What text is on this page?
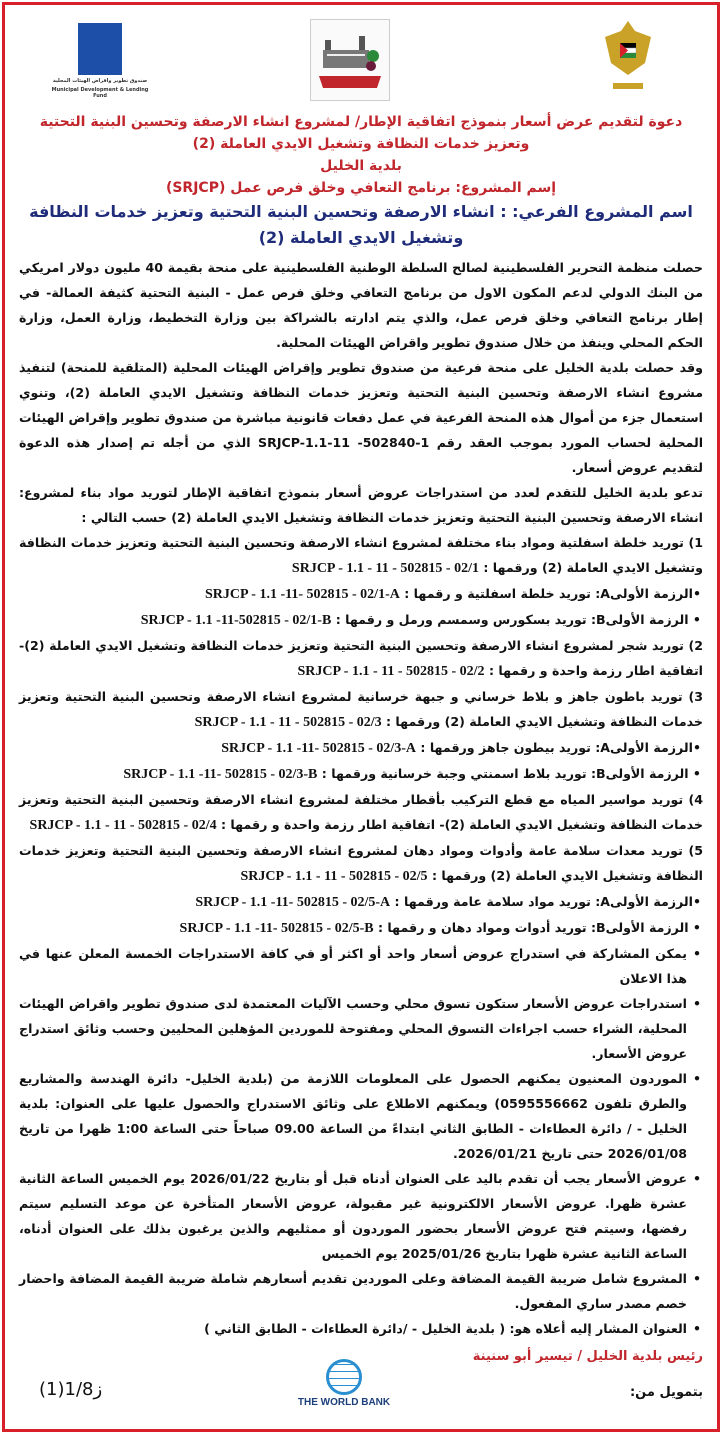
صندوق تطوير واقراض الهيئات المحلية
Municipal Development & Lending Fund
دعوة لتقديم عرض أسعار بنموذج اتفاقية الإطار/ لمشروع انشاء الارصفة وتحسين البنية التحتية
وتعزيز خدمات النظافة وتشغيل الايدي العاملة (2)
بلدية الخليل
إسم المشروع: برنامج التعافي وخلق فرص عمل (SRJCP)
اسم المشروع الفرعي: : انشاء الارصفة وتحسين البنية التحتية وتعزيز خدمات النظافة
وتشغيل الايدي العاملة (2)

حصلت منظمة التحرير الفلسطينية لصالح السلطة الوطنية الفلسطينية على منحة بقيمة 40 مليون دولار امريكي من البنك الدولي لدعم المكون الاول من برنامج التعافي وخلق فرص عمل - البنية التحتية كثيفة العمالة- في إطار برنامج التعافي وخلق فرص عمل، والذي يتم ادارته بالشراكة بين وزارة التخطيط، وزارة العمل، وزارة الحكم المحلي وينفذ من خلال صندوق تطوير واقراض الهيئات المحلية.

وقد حصلت بلدية الخليل على منحة فرعية من صندوق تطوير وإقراض الهيئات المحلية (المتلقية للمنحة) لتنفيذ مشروع انشاء الارصفة وتحسين البنية التحتية وتعزيز خدمات النظافة وتشغيل الايدي العاملة (2)، وتنوي استعمال جزء من أموال هذه المنحة الفرعية في عمل دفعات قانونية مباشرة من صندوق تطوير وإقراض الهيئات المحلية لحساب المورد بموجب العقد رقم SRJCP-1.1-11 -502840-1 الذي من أجله تم إصدار هذه الدعوة لتقديم عروض أسعار.

تدعو بلدية الخليل للتقدم لعدد من استدراجات عروض أسعار بنموذج اتفاقية الإطار لتوريد مواد بناء لمشروع: انشاء الارصفة وتحسين البنية التحتية وتعزيز خدمات النظافة وتشغيل الايدي العاملة (2) حسب التالي :

1) توريد خلطة اسفلتية ومواد بناء مختلفة لمشروع انشاء الارصفة وتحسين البنية التحتية وتعزيز خدمات النظافة وتشغيل الايدي العاملة (2) ورقمها : SRJCP - 1.1 - 11 - 502815 - 02/1
•الرزمة الأولىA: توريد خلطة اسفلتية و رقمها : SRJCP - 1.1 -11- 502815 - 02/1-A
• الرزمة الأولىB: توريد بسكورس وسمسم ورمل و رقمها : SRJCP - 1.1 -11-502815 - 02/1-B
2) توريد شجر لمشروع انشاء الارصفة وتحسين البنية التحتية وتعزيز خدمات النظافة وتشغيل الايدي العاملة (2)- اتفاقية اطار رزمة واحدة و رقمها : SRJCP - 1.1 - 11 - 502815 - 02/2
3) توريد باطون جاهز و بلاط خرساني و جبهة خرسانية لمشروع انشاء الارصفة وتحسين البنية التحتية وتعزيز خدمات النظافة وتشغيل الايدي العاملة (2) ورقمها : SRJCP - 1.1 - 11 - 502815 - 02/3
•الرزمة الأولىA: توريد بيطون جاهز ورقمها : SRJCP - 1.1 -11- 502815 - 02/3-A
• الرزمة الأولىB: توريد بلاط اسمنتي وجبة خرسانية ورقمها : SRJCP - 1.1 -11- 502815 - 02/3-B
4) توريد مواسير المياه مع قطع التركيب بأقطار مختلفة لمشروع انشاء الارصفة وتحسين البنية التحتية وتعزيز خدمات النظافة وتشغيل الايدي العاملة (2)- اتفاقية اطار رزمة واحدة و رقمها : SRJCP - 1.1 - 11 - 502815 - 02/4
5) توريد معدات سلامة عامة وأدوات ومواد دهان لمشروع انشاء الارصفة وتحسين البنية التحتية وتعزيز خدمات النظافة وتشغيل الايدي العاملة (2) ورقمها : SRJCP - 1.1 - 11 - 502815 - 02/5
•الرزمة الأولىA: توريد مواد سلامة عامة ورقمها : SRJCP - 1.1 -11- 502815 - 02/5-A
• الرزمة الأولىB: توريد أدوات ومواد دهان و رقمها : SRJCP - 1.1 -11- 502815 - 02/5-B
• يمكن المشاركة في استدراج عروض أسعار واحد أو اكثر أو في كافة الاستدراجات الخمسة المعلن عنها في هذا الاعلان
• استدراجات عروض الأسعار ستكون تسوق محلي وحسب الآليات المعتمدة لدى صندوق تطوير واقراض الهيئات المحلية، الشراء حسب اجراءات التسوق المحلي ومفتوحة للموردين المؤهلين المحليين وحسب وثائق استدراج عروض الأسعار.
• الموردون المعنيون يمكنهم الحصول على المعلومات اللازمة من (بلدية الخليل- دائرة الهندسة والمشاريع والطرق تلفون 0595556662) ويمكنهم الاطلاع على وثائق الاستدراج والحصول عليها على العنوان: بلدية الخليل - / دائرة العطاءات - الطابق الثاني ابتداءً من الساعة 09.00 صباحاً حتى الساعة 1:00 ظهرا من تاريخ 2026/01/08 حتى تاريخ 2026/01/21.
• عروض الأسعار يجب أن تقدم باليد على العنوان أدناه قبل أو بتاريخ 2026/01/22 يوم الخميس الساعة الثانية عشرة ظهرا. عروض الأسعار الالكترونية غير مقبولة، عروض الأسعار المتأخرة عن موعد التسليم سيتم رفضها، وسيتم فتح عروض الأسعار بحضور الموردون أو ممثليهم والذين يرغبون بذلك على العنوان أدناه، الساعة الثانية عشرة ظهرا بتاريخ 2025/01/26 يوم الخميس
• المشروع شامل ضريبة القيمة المضافة وعلى الموردين تقديم أسعارهم شاملة ضريبة القيمة المضافة واحضار خصم مصدر ساري المفعول.
• العنوان المشار إليه أعلاه هو: ( بلدية الخليل - /دائرة العطاءات - الطابق الثاني )
رئيس بلدية الخليل / تيسير أبو سنينة
بتمويل من:
THE WORLD BANK
ز1/8(1)
